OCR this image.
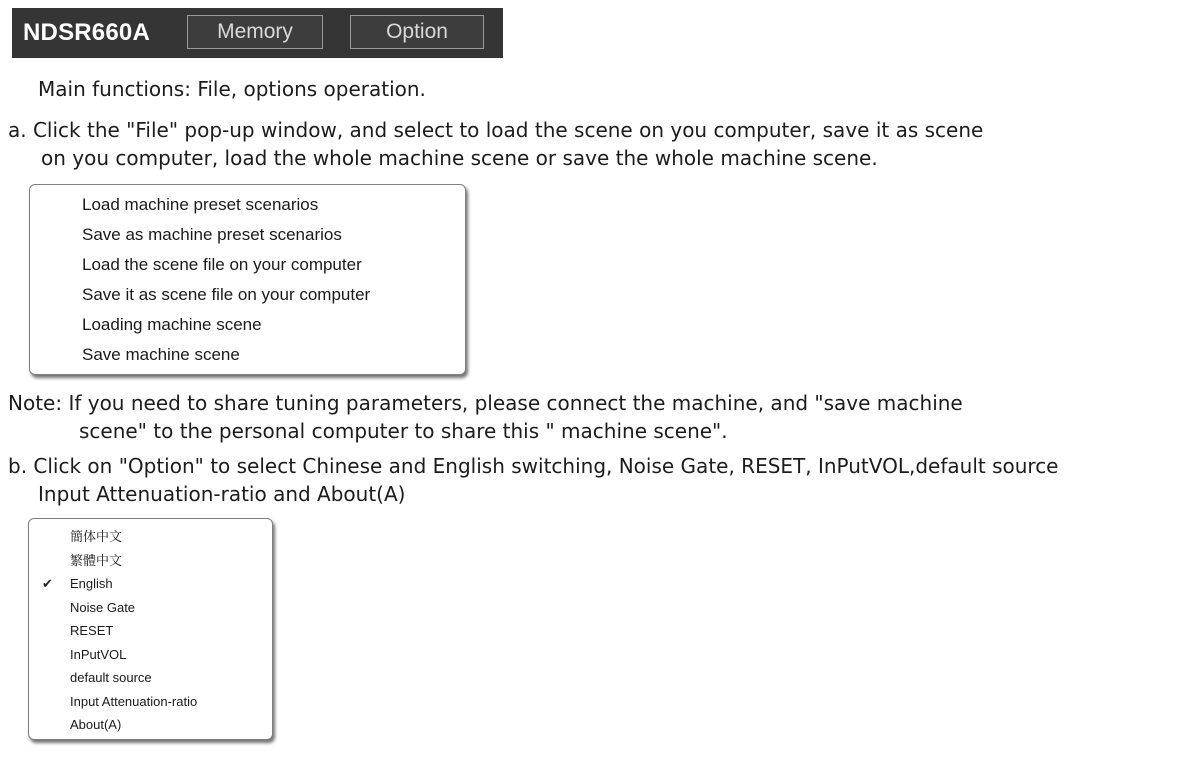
NDSR660A	Memory	Option

Main functions: File, options operation.

a. Click the "File" pop-up window, and select to load the scene on you computer, save it as scene

on you computer, load the whole machine scene or save the whole machine scene.

Load machine preset scenarios
Save as machine preset scenarios
Load the scene file on your computer
Save it as scene file on your computer
Loading machine scene
Save machine scene

Note: If you need to share tuning parameters, please connect the machine, and "save machine

scene" to the personal computer to share this " machine scene".

b. Click on "Option" to select Chinese and English switching, Noise Gate, RESET, InPutVOL,default source

Input Attenuation-ratio and About(A)

簡体中文
繁體中文
✔ English
Noise Gate
RESET
InPutVOL
default source
Input Attenuation-ratio
About(A)
